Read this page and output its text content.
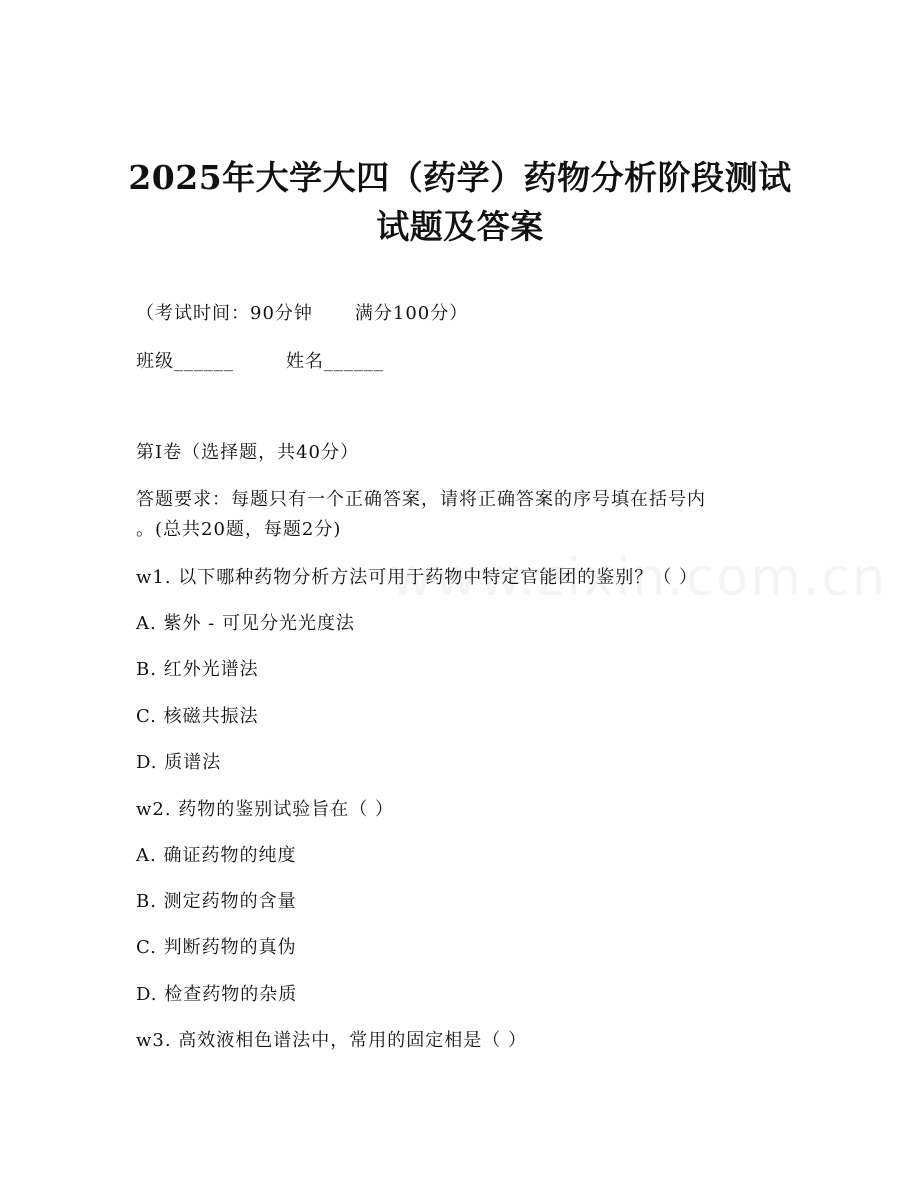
2025年大学大四（药学）药物分析阶段测试
试题及答案
（考试时间：90分钟 满分100分）
班级______	姓名______
第I卷（选择题，共40分）
答题要求：每题只有一个正确答案，请将正确答案的序号填在括号内
。(总共20题，每题2分)
w1. 以下哪种药物分析方法可用于药物中特定官能团的鉴别？（ ）
A. 紫外 - 可见分光光度法
B. 红外光谱法
C. 核磁共振法
D. 质谱法
w2. 药物的鉴别试验旨在（ ）
A. 确证药物的纯度
B. 测定药物的含量
C. 判断药物的真伪
D. 检查药物的杂质
w3. 高效液相色谱法中，常用的固定相是（ ）
